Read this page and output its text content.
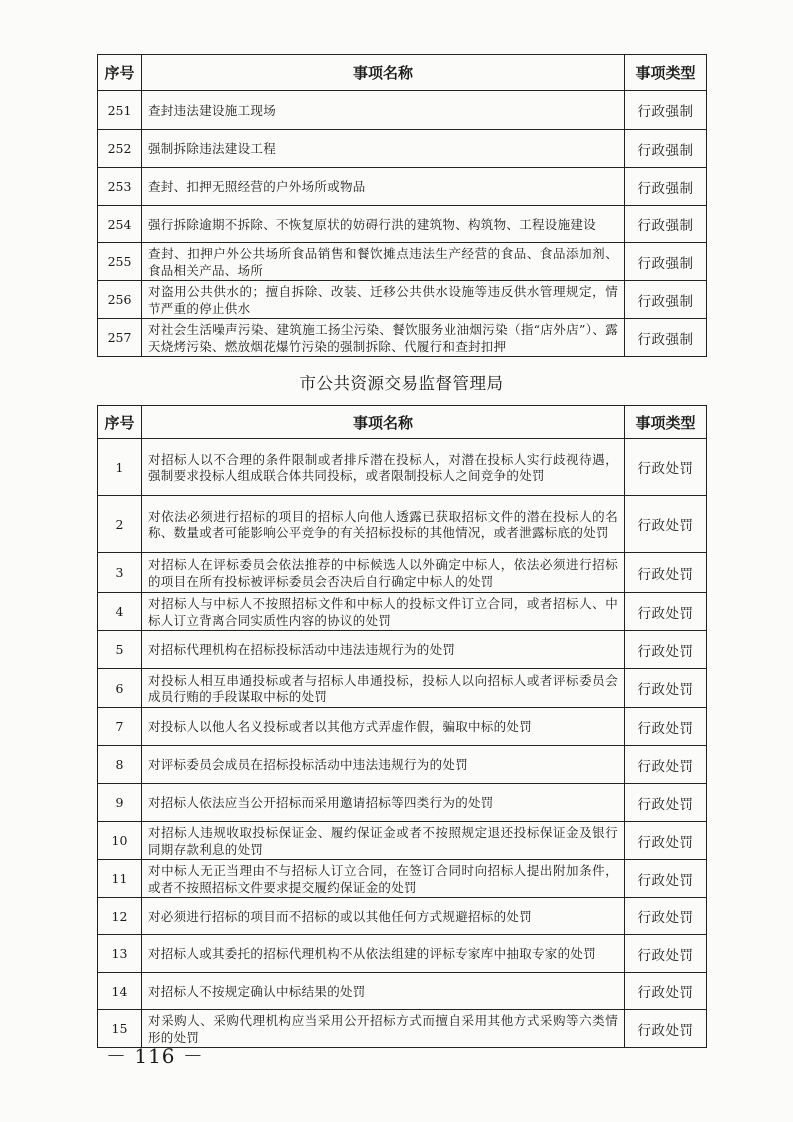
序号	事项名称	事项类型
251	查封违法建设施工现场	行政强制
252	强制拆除违法建设工程	行政强制
253	查封、扣押无照经营的户外场所或物品	行政强制
254	强行拆除逾期不拆除、不恢复原状的妨碍行洪的建筑物、构筑物、工程设施建设	行政强制
255	查封、扣押户外公共场所食品销售和餐饮摊点违法生产经营的食品、食品添加剂、食品相关产品、场所	行政强制
256	对盗用公共供水的；擅自拆除、改装、迁移公共供水设施等违反供水管理规定，情节严重的停止供水	行政强制
257	对社会生活噪声污染、建筑施工扬尘污染、餐饮服务业油烟污染（指“店外店”）、露天烧烤污染、燃放烟花爆竹污染的强制拆除、代履行和查封扣押	行政强制
市公共资源交易监督管理局
序号	事项名称	事项类型
1	对招标人以不合理的条件限制或者排斥潜在投标人，对潜在投标人实行歧视待遇，强制要求投标人组成联合体共同投标，或者限制投标人之间竞争的处罚	行政处罚
2	对依法必须进行招标的项目的招标人向他人透露已获取招标文件的潜在投标人的名称、数量或者可能影响公平竞争的有关招标投标的其他情况，或者泄露标底的处罚	行政处罚
3	对招标人在评标委员会依法推荐的中标候选人以外确定中标人，依法必须进行招标的项目在所有投标被评标委员会否决后自行确定中标人的处罚	行政处罚
4	对招标人与中标人不按照招标文件和中标人的投标文件订立合同，或者招标人、中标人订立背离合同实质性内容的协议的处罚	行政处罚
5	对招标代理机构在招标投标活动中违法违规行为的处罚	行政处罚
6	对投标人相互串通投标或者与招标人串通投标，投标人以向招标人或者评标委员会成员行贿的手段谋取中标的处罚	行政处罚
7	对投标人以他人名义投标或者以其他方式弄虚作假，骗取中标的处罚	行政处罚
8	对评标委员会成员在招标投标活动中违法违规行为的处罚	行政处罚
9	对招标人依法应当公开招标而采用邀请招标等四类行为的处罚	行政处罚
10	对招标人违规收取投标保证金、履约保证金或者不按照规定退还投标保证金及银行同期存款利息的处罚	行政处罚
11	对中标人无正当理由不与招标人订立合同，在签订合同时向招标人提出附加条件，或者不按照招标文件要求提交履约保证金的处罚	行政处罚
12	对必须进行招标的项目而不招标的或以其他任何方式规避招标的处罚	行政处罚
13	对招标人或其委托的招标代理机构不从依法组建的评标专家库中抽取专家的处罚	行政处罚
14	对招标人不按规定确认中标结果的处罚	行政处罚
15	对采购人、采购代理机构应当采用公开招标方式而擅自采用其他方式采购等六类情形的处罚	行政处罚
－ 116 －
